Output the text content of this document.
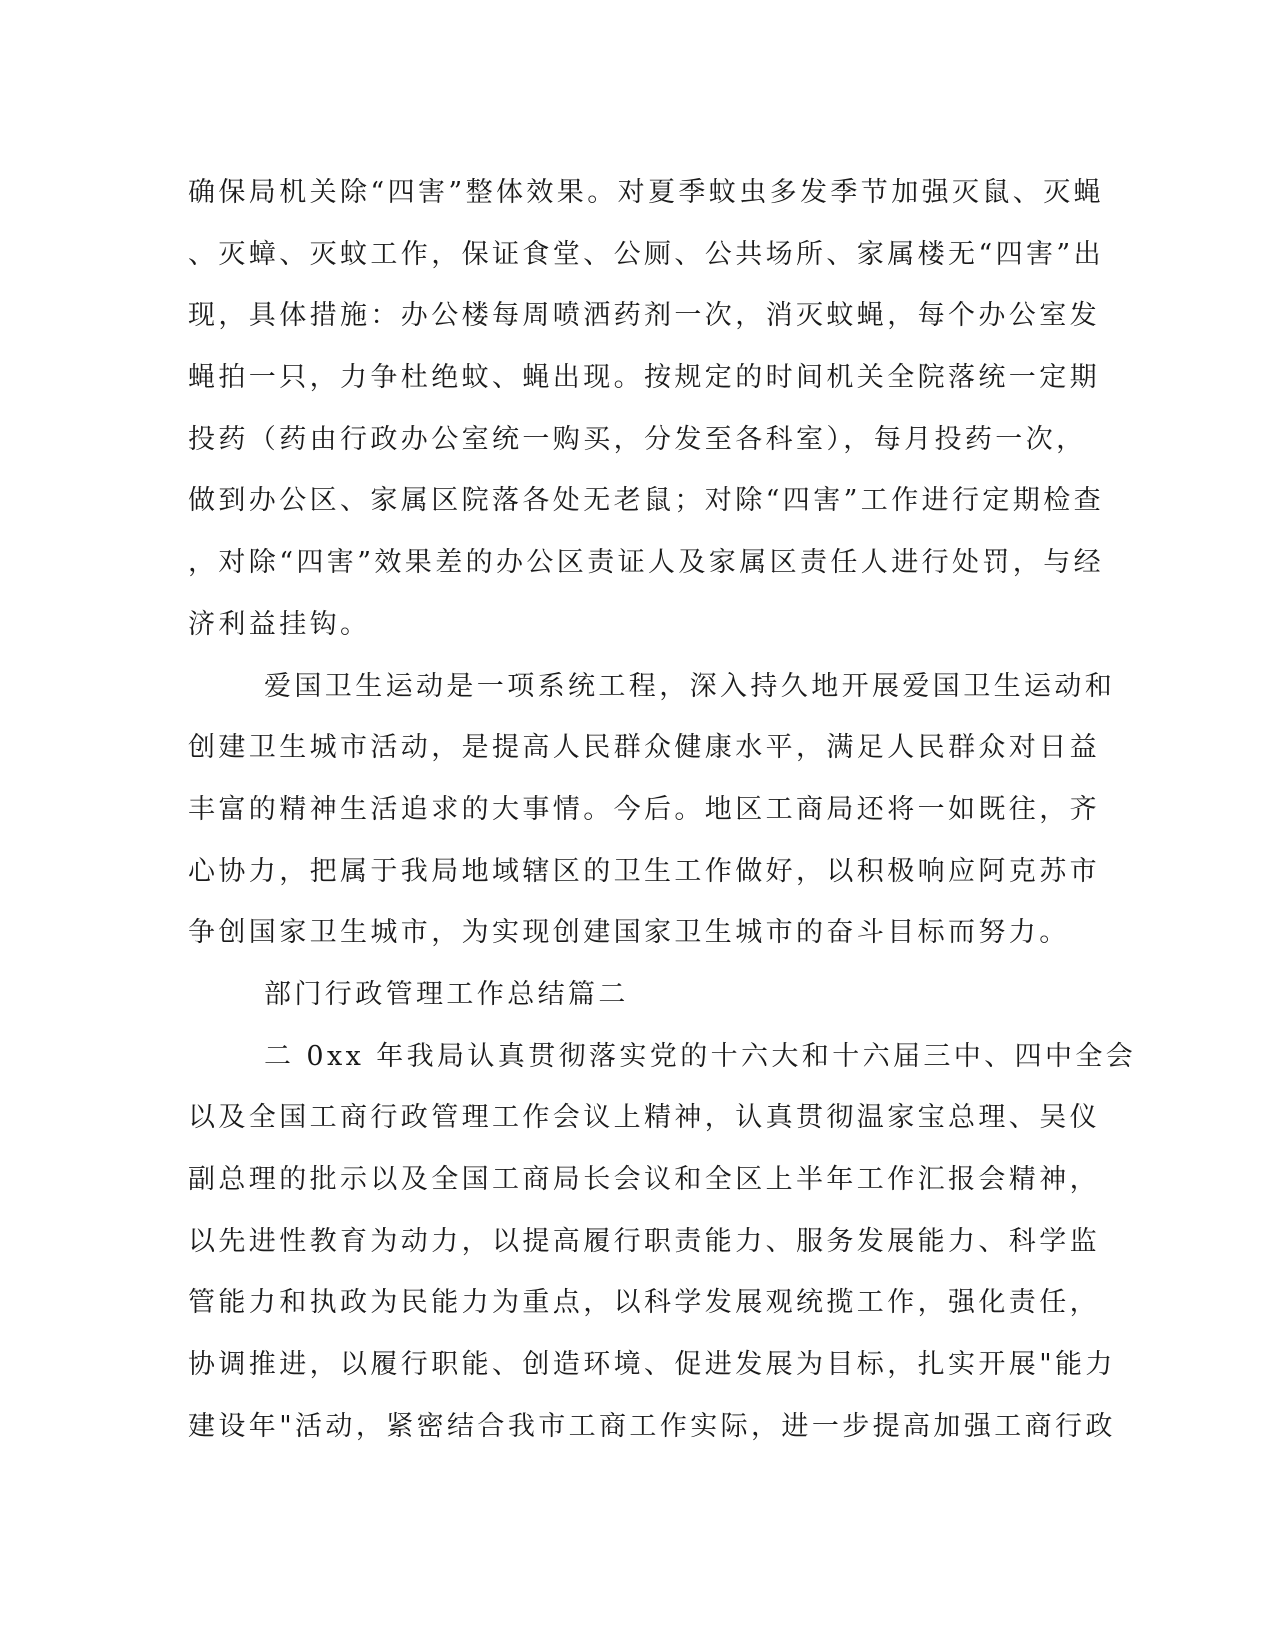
确保局机关除“四害”整体效果。对夏季蚊虫多发季节加强灭鼠、灭蝇
、灭蟑、灭蚊工作，保证食堂、公厕、公共场所、家属楼无“四害”出
现，具体措施：办公楼每周喷洒药剂一次，消灭蚊蝇，每个办公室发
蝇拍一只，力争杜绝蚊、蝇出现。按规定的时间机关全院落统一定期
投药（药由行政办公室统一购买，分发至各科室），每月投药一次，
做到办公区、家属区院落各处无老鼠；对除“四害”工作进行定期检查
，对除“四害”效果差的办公区责证人及家属区责任人进行处罚，与经
济利益挂钩。
爱国卫生运动是一项系统工程，深入持久地开展爱国卫生运动和
创建卫生城市活动，是提高人民群众健康水平，满足人民群众对日益
丰富的精神生活追求的大事情。今后。地区工商局还将一如既往，齐
心协力，把属于我局地域辖区的卫生工作做好，以积极响应阿克苏市
争创国家卫生城市，为实现创建国家卫生城市的奋斗目标而努力。
部门行政管理工作总结篇二
二 0xx 年我局认真贯彻落实党的十六大和十六届三中、四中全会
以及全国工商行政管理工作会议上精神，认真贯彻温家宝总理、吴仪
副总理的批示以及全国工商局长会议和全区上半年工作汇报会精神，
以先进性教育为动力，以提高履行职责能力、服务发展能力、科学监
管能力和执政为民能力为重点，以科学发展观统揽工作，强化责任，
协调推进，以履行职能、创造环境、促进发展为目标，扎实开展"能力
建设年"活动，紧密结合我市工商工作实际，进一步提高加强工商行政
